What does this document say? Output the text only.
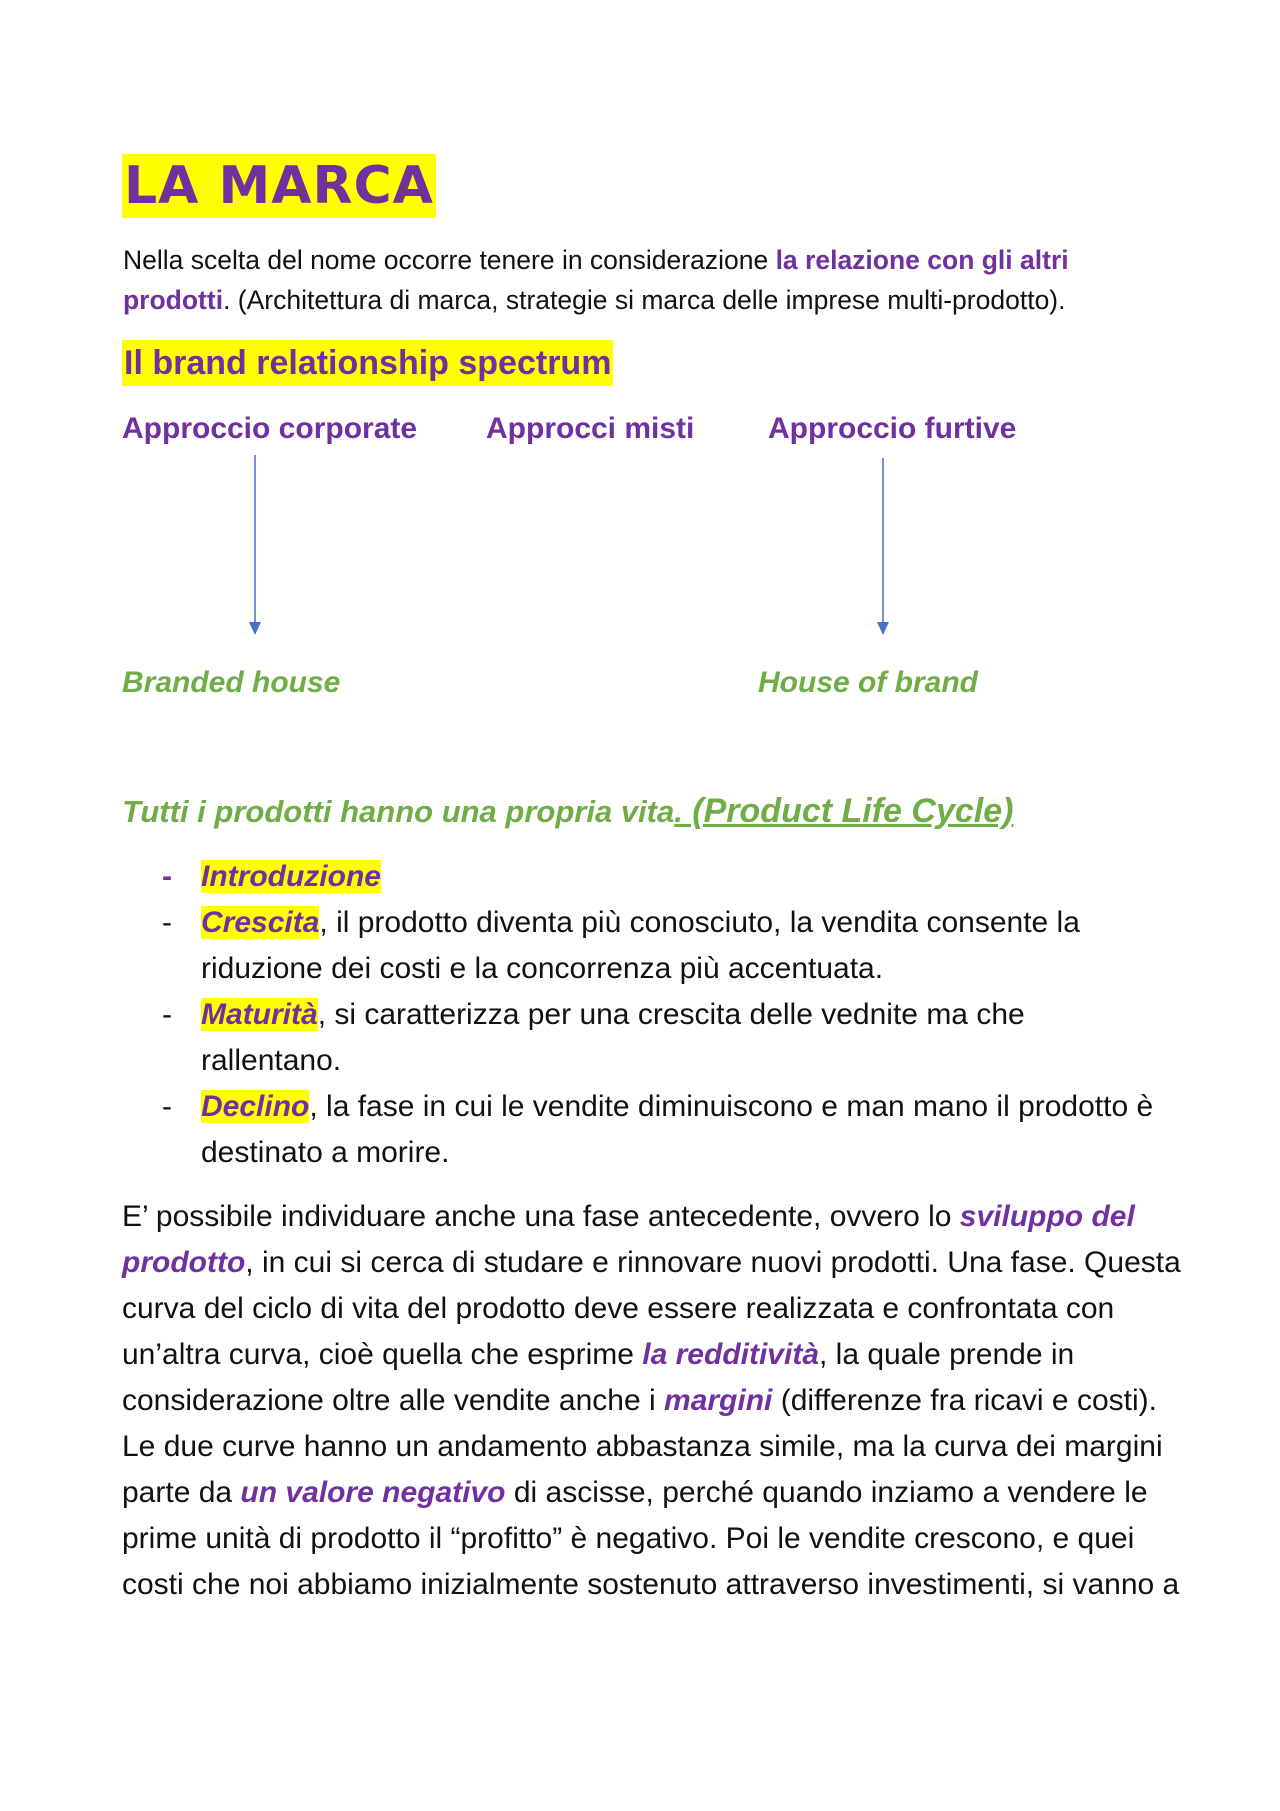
LA MARCA

Nella scelta del nome occorre tenere in considerazione la relazione con gli altri prodotti. (Architettura di marca, strategie si marca delle imprese multi-prodotto).

Il brand relationship spectrum
Approccio corporate Approcci misti Approccio furtive
Branded house	House of brand

Tutti i prodotti hanno una propria vita. (Product Life Cycle)

- Introduzione
- Crescita, il prodotto diventa più conosciuto, la vendita consente la riduzione dei costi e la concorrenza più accentuata.
- Maturità, si caratterizza per una crescita delle vednite ma che rallentano.
- Declino, la fase in cui le vendite diminuiscono e man mano il prodotto è destinato a morire.

E’ possibile individuare anche una fase antecedente, ovvero lo sviluppo del prodotto, in cui si cerca di studare e rinnovare nuovi prodotti. Una fase. Questa curva del ciclo di vita del prodotto deve essere realizzata e confrontata con un’altra curva, cioè quella che esprime la redditività, la quale prende in considerazione oltre alle vendite anche i margini (differenze fra ricavi e costi). Le due curve hanno un andamento abbastanza simile, ma la curva dei margini parte da un valore negativo di ascisse, perché quando inziamo a vendere le prime unità di prodotto il “profitto” è negativo. Poi le vendite crescono, e quei costi che noi abbiamo inizialmente sostenuto attraverso investimenti, si vanno a
